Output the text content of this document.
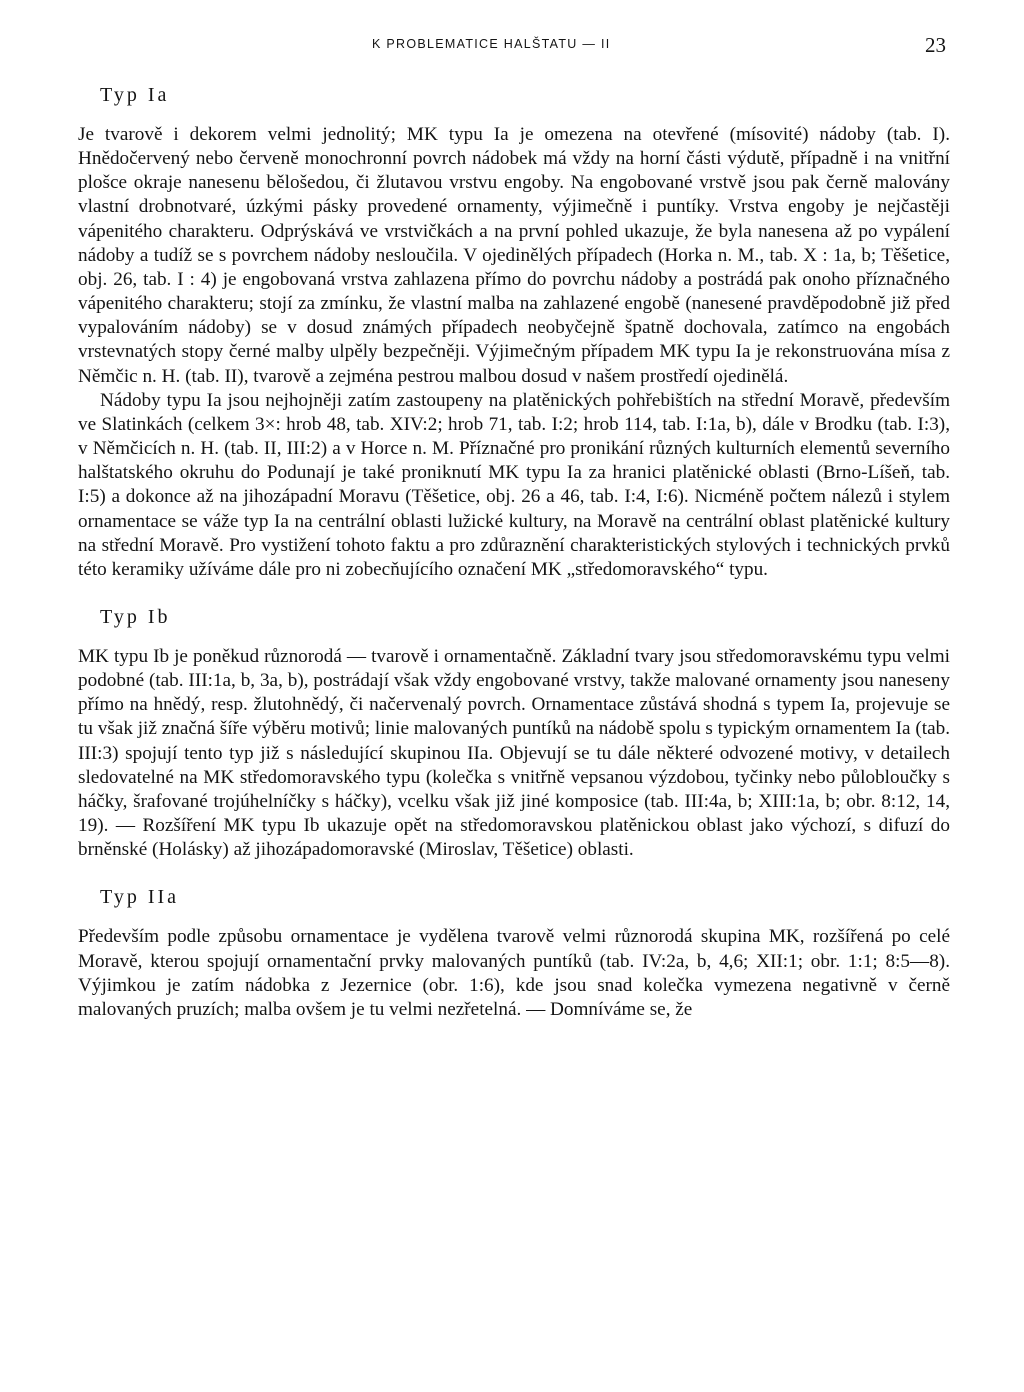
K PROBLEMATICE HALŠTATU — II	23
Typ Ia

Je tvarově i dekorem velmi jednolitý; MK typu Ia je omezena na otevřené (mísovité) nádoby (tab. I). Hnědočervený nebo červeně monochronní povrch nádobek má vždy na horní části výdutě, případně i na vnitřní plošce okraje nanesenu bělošedou, či žlutavou vrstvu engoby. Na engobované vrstvě jsou pak černě malovány vlastní drobnotvaré, úzkými pásky provedené ornamenty, výjimečně i puntíky. Vrstva engoby je nejčastěji vápenitého charakteru. Odprýskává ve vrstvičkách a na první pohled ukazuje, že byla nanesena až po vypálení nádoby a tudíž se s povrchem nádoby nesloučila. V ojedinělých případech (Horka n. M., tab. X : 1a, b; Těšetice, obj. 26, tab. I : 4) je engobovaná vrstva zahlazena přímo do povrchu nádoby a postrádá pak onoho příznačného vápenitého charakteru; stojí za zmínku, že vlastní malba na zahlazené engobě (nanesené pravděpodobně již před vypalováním nádoby) se v dosud známých případech neobyčejně špatně dochovala, zatímco na engobách vrstevnatých stopy černé malby ulpěly bezpečněji. Výjimečným případem MK typu Ia je rekonstruována mísa z Němčic n. H. (tab. II), tvarově a zejména pestrou malbou dosud v našem prostředí ojedinělá.

Nádoby typu Ia jsou nejhojněji zatím zastoupeny na platěnických pohřebištích na střední Moravě, především ve Slatinkách (celkem 3×: hrob 48, tab. XIV:2; hrob 71, tab. I:2; hrob 114, tab. I:1a, b), dále v Brodku (tab. I:3), v Němčicích n. H. (tab. II, III:2) a v Horce n. M. Příznačné pro pronikání různých kulturních elementů severního halštatského okruhu do Podunají je také proniknutí MK typu Ia za hranici platěnické oblasti (Brno-Líšeň, tab. I:5) a dokonce až na jihozápadní Moravu (Těšetice, obj. 26 a 46, tab. I:4, I:6). Nicméně počtem nálezů i stylem ornamentace se váže typ Ia na centrální oblasti lužické kultury, na Moravě na centrální oblast platěnické kultury na střední Moravě. Pro vystižení tohoto faktu a pro zdůraznění charakteristických stylových i technických prvků této keramiky užíváme dále pro ni zobecňujícího označení MK „středomoravského“ typu.

Typ Ib

MK typu Ib je poněkud různorodá — tvarově i ornamentačně. Základní tvary jsou středomoravskému typu velmi podobné (tab. III:1a, b, 3a, b), postrádají však vždy engobované vrstvy, takže malované ornamenty jsou naneseny přímo na hnědý, resp. žlutohnědý, či načervenalý povrch. Ornamentace zůstává shodná s typem Ia, projevuje se tu však již značná šíře výběru motivů; linie malovaných puntíků na nádobě spolu s typickým ornamentem Ia (tab. III:3) spojují tento typ již s následující skupinou IIa. Objevují se tu dále některé odvozené motivy, v detailech sledovatelné na MK středomoravského typu (kolečka s vnitřně vepsanou výzdobou, tyčinky nebo půlobloučky s háčky, šrafované trojúhelníčky s háčky), vcelku však již jiné komposice (tab. III:4a, b; XIII:1a, b; obr. 8:12, 14, 19). — Rozšíření MK typu Ib ukazuje opět na středomoravskou platěnickou oblast jako výchozí, s difuzí do brněnské (Holásky) až jihozápadomoravské (Miroslav, Těšetice) oblasti.

Typ IIa

Především podle způsobu ornamentace je vydělena tvarově velmi různorodá skupina MK, rozšířená po celé Moravě, kterou spojují ornamentační prvky malovaných puntíků (tab. IV:2a, b, 4,6; XII:1; obr. 1:1; 8:5—8). Výjimkou je zatím nádobka z Jezernice (obr. 1:6), kde jsou snad kolečka vymezena negativně v černě malovaných pruzích; malba ovšem je tu velmi nezřetelná. — Domníváme se, že
